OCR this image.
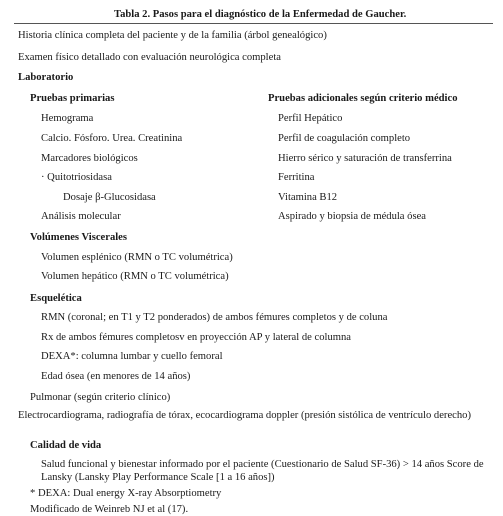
Tabla 2. Pasos para el diagnóstico de la Enfermedad de Gaucher.
Historia clínica completa del paciente y de la familia (árbol genealógico)
Examen físico detallado con evaluación neurológica completa
Laboratorio
Pruebas primarias	Pruebas adicionales según criterio médico
Hemograma
Calcio. Fósforo. Urea. Creatinina
Marcadores biológicos
· Quitotriosidasa
Dosaje β-Glucosidasa
Análisis molecular
Perfil Hepático
Perfil de coagulación completo
Hierro sérico y saturación de transferrina
Ferritina
Vitamina B12
Aspirado y biopsia de médula ósea
Volúmenes Viscerales
Volumen esplénico (RMN o TC volumétrica)
Volumen hepático (RMN o TC volumétrica)
Esquelética
RMN (coronal; en T1 y T2 ponderados) de ambos fémures completos y de coluna
Rx de ambos fémures completosv en proyección AP y lateral de columna
DEXA*: columna lumbar y cuello femoral
Edad ósea (en menores de 14 años)
Pulmonar (según criterio clínico)
Electrocardiograma, radiografía de tórax, ecocardiograma doppler (presión sistólica de ventrículo derecho)
Calidad de vida
Salud funcional y bienestar informado por el paciente (Cuestionario de Salud SF-36) > 14 años Score de Lansky (Lansky Play Performance Scale [1 a 16 años])
* DEXA: Dual energy X-ray Absorptiometry
Modificado de Weinreb NJ et al (17).
